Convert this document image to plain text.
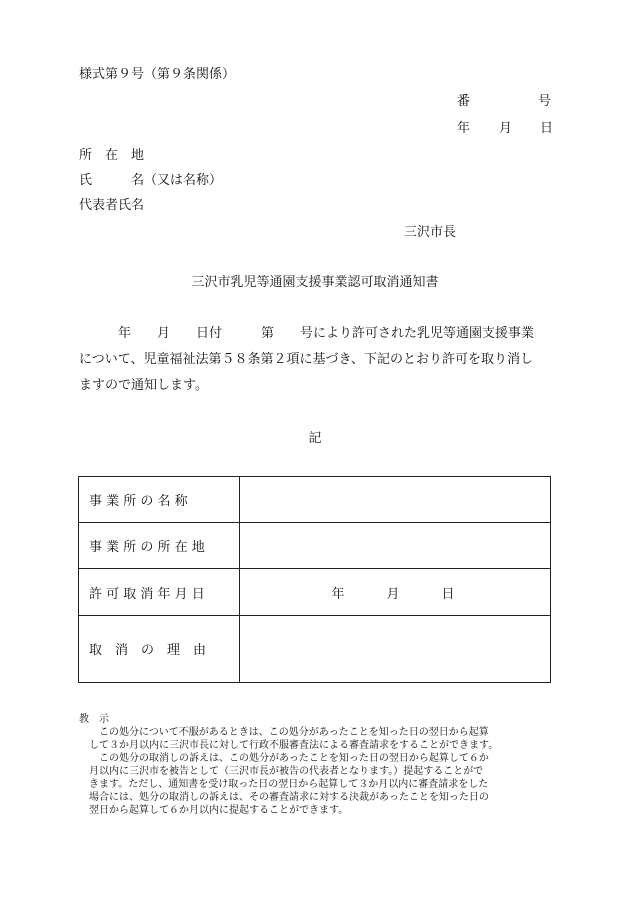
様式第９号（第９条関係）
番	号
年 月 日
所　在　地
氏　　　名（又は名称）
代表者氏名
三沢市長
三沢市乳児等通園支援事業認可取消通知書
　　　年　　月　　日付　　　第　　号により許可された乳児等通園支援事業
について、児童福祉法第５８条第２項に基づき、下記のとおり許可を取り消し
ますので通知します。
記
事 業 所 の 名 称	
事 業 所 の 所 在 地	
許 可 取 消 年 月 日	年 月 日
取　消　の　理　由	
教　示
　　この処分について不服があるときは、この処分があったことを知った日の翌日から起算
　して３か月以内に三沢市長に対して行政不服審査法による審査請求をすることができます。
　　この処分の取消しの訴えは、この処分があったことを知った日の翌日から起算して６か
　月以内に三沢市を被告として（三沢市長が被告の代表者となります。）提起することがで
　きます。ただし、通知書を受け取った日の翌日から起算して３か月以内に審査請求をした
　場合には、処分の取消しの訴えは、その審査請求に対する決裁があったことを知った日の
　翌日から起算して６か月以内に提起することができます。
